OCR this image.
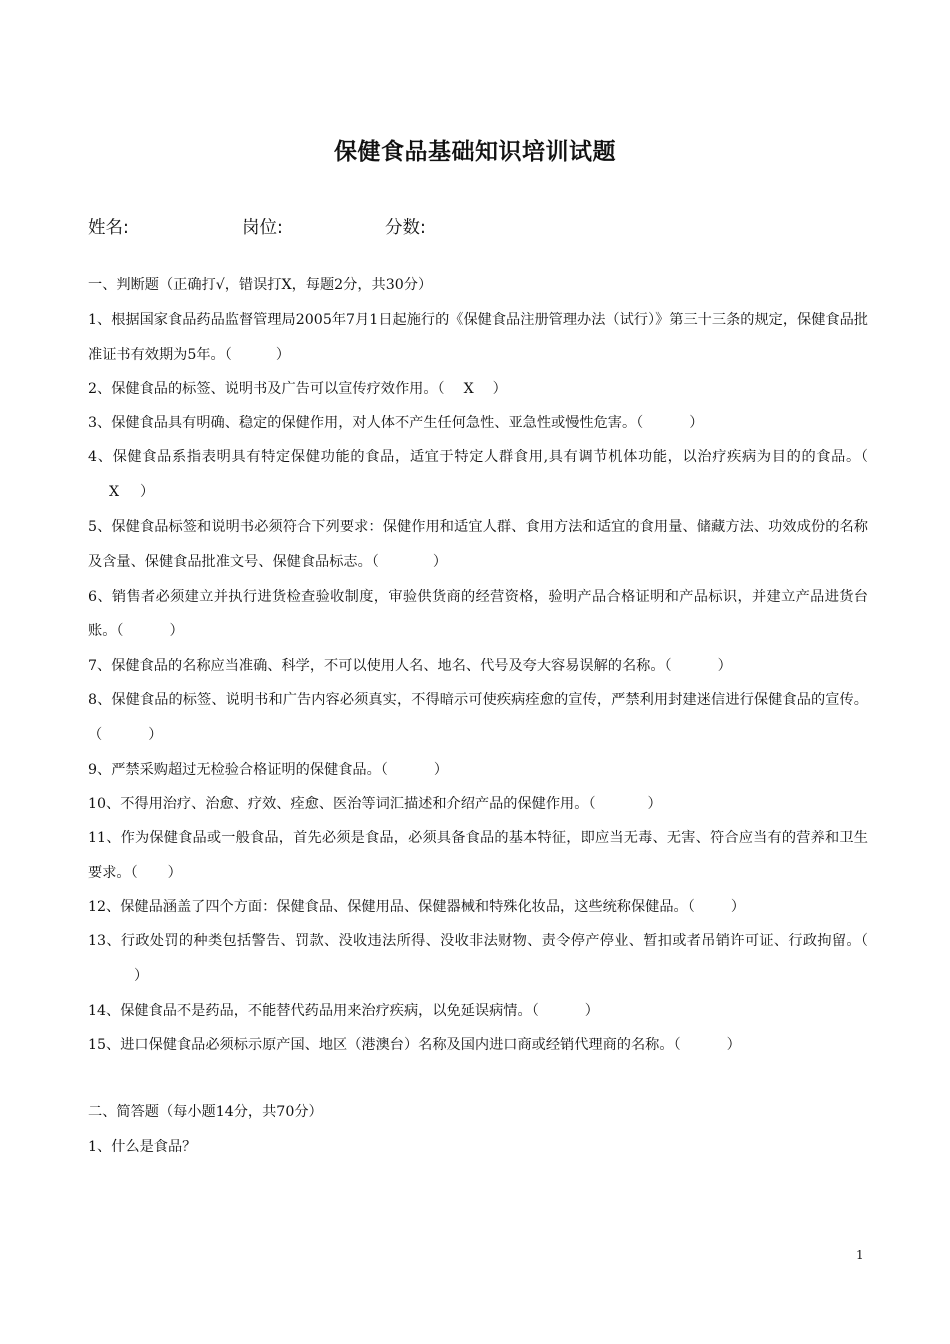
保健食品基础知识培训试题
姓名:	岗位:	分数:
一、判断题（正确打√，错误打X，每题2分，共30分）
1、根据国家食品药品监督管理局2005年7月1日起施行的《保健食品注册管理办法（试行）》第三十三条的规定，保健食品批准证书有效期为5年。（	）
2、保健食品的标签、说明书及广告可以宣传疗效作用。（ X ）
3、保健食品具有明确、稳定的保健作用，对人体不产生任何急性、亚急性或慢性危害。（	）
4、保健食品系指表明具有特定保健功能的食品，适宜于特定人群食用,具有调节机体功能，以治疗疾病为目的的食品。（X ）
5、保健食品标签和说明书必须符合下列要求：保健作用和适宜人群、食用方法和适宜的食用量、储藏方法、功效成份的名称及含量、保健食品批准文号、保健食品标志。（	）
6、销售者必须建立并执行进货检查验收制度，审验供货商的经营资格，验明产品合格证明和产品标识，并建立产品进货台账。（	）
7、保健食品的名称应当准确、科学，不可以使用人名、地名、代号及夸大容易误解的名称。（	）
8、保健食品的标签、说明书和广告内容必须真实，不得暗示可使疾病痊愈的宣传，严禁利用封建迷信进行保健食品的宣传。（	）
9、严禁采购超过无检验合格证明的保健食品。（	）
10、不得用治疗、治愈、疗效、痊愈、医治等词汇描述和介绍产品的保健作用。（	）
11、作为保健食品或一般食品，首先必须是食品，必须具备食品的基本特征，即应当无毒、无害、符合应当有的营养和卫生要求。（ ）
12、保健品涵盖了四个方面：保健食品、保健用品、保健器械和特殊化妆品，这些统称保健品。（	）
13、行政处罚的种类包括警告、罚款、没收违法所得、没收非法财物、责令停产停业、暂扣或者吊销许可证、行政拘留。（）
14、保健食品不是药品，不能替代药品用来治疗疾病，以免延误病情。（	）
15、进口保健食品必须标示原产国、地区（港澳台）名称及国内进口商或经销代理商的名称。（	）
二、简答题（每小题14分，共70分）
1、什么是食品？
1
